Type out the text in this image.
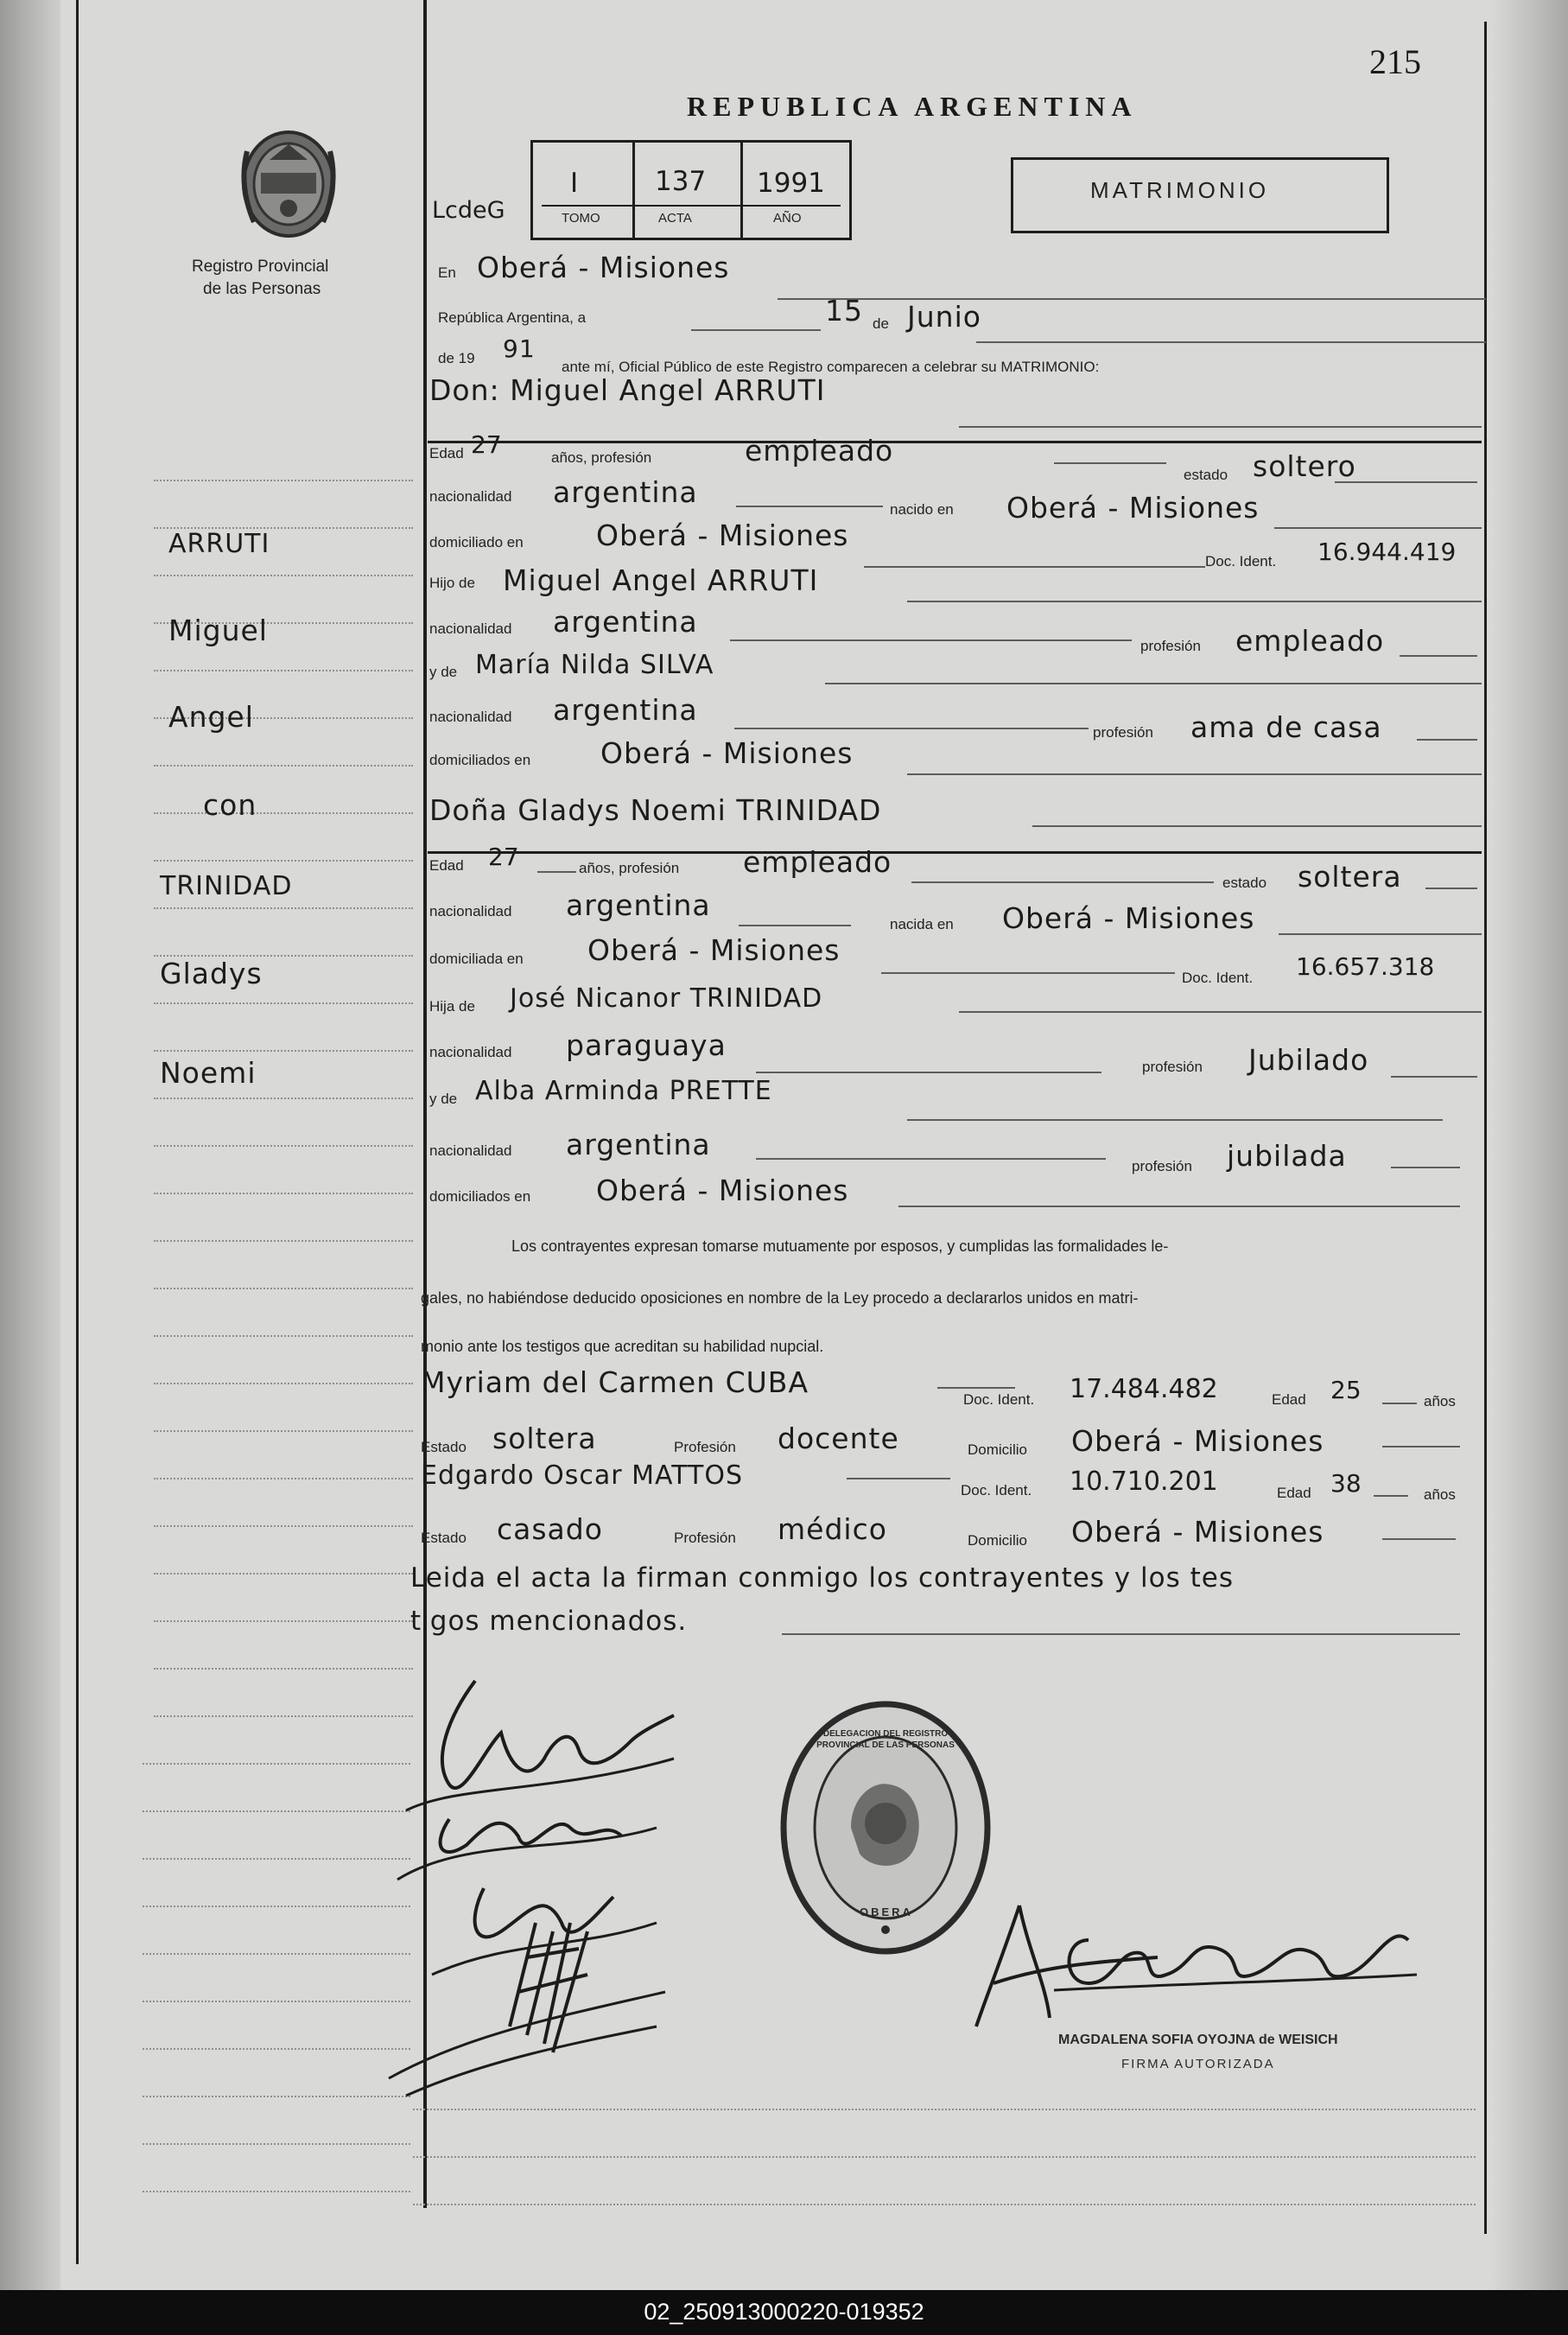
215
REPUBLICA ARGENTINA
Registro Provincial
de las Personas
LcdeG
I	137 1991
TOMO	ACTA	AÑO
MATRIMONIO
ARRUTI
Miguel
Angel
con
TRINIDAD
Gladys
Noemi
En Oberá - Misiones
República Argentina, a	15 de Junio
de 19 91
ante mí, Oficial Público de este Registro comparecen a celebrar su MATRIMONIO:
Don: Miguel Angel ARRUTI
Edad 27	años, profesión	empleado
estado soltero
nacionalidad argentina
nacido en Oberá - Misiones
domiciliado en	Oberá - Misiones
Doc. Ident. 16.944.419
Hijo de Miguel Angel ARRUTI
nacionalidad argentina
profesión empleado
y de María Nilda SILVA
nacionalidad argentina
profesión ama de casa
domiciliados en Oberá - Misiones
Doña Gladys Noemi TRINIDAD
Edad 27	años, profesión empleado
estado soltera
nacionalidad argentina
nacida en Oberá - Misiones
domiciliada en Oberá - Misiones
Doc. Ident. 16.657.318
Hija de José Nicanor TRINIDAD
nacionalidad paraguaya
profesión Jubilado
y de Alba Arminda PRETTE
nacionalidad argentina
profesión jubilada
domiciliados en Oberá - Misiones
Los contrayentes expresan tomarse mutuamente por esposos, y cumplidas las formalidades le-
gales, no habiéndose deducido oposiciones en nombre de la Ley procedo a declararlos unidos en matri-
monio ante los testigos que acreditan su habilidad nupcial.
Myriam del Carmen CUBA
Doc. Ident. 17.484.482	Edad 25	años
Estado soltera	Profesión docente	Domicilio Oberá - Misiones
Edgardo Oscar MATTOS	Doc. Ident. 10.710.201	Edad 38	años
Estado casado	Profesión médico	Domicilio Oberá - Misiones
Leida el acta la firman conmigo los contrayentes y los tes
tigos mencionados.
DELEGACION DEL REGISTRO PROVINCIAL DE LAS PERSONAS
OBERA
MAGDALENA SOFIA OYOJNA de WEISICH
FIRMA AUTORIZADA
02_250913000220-019352
